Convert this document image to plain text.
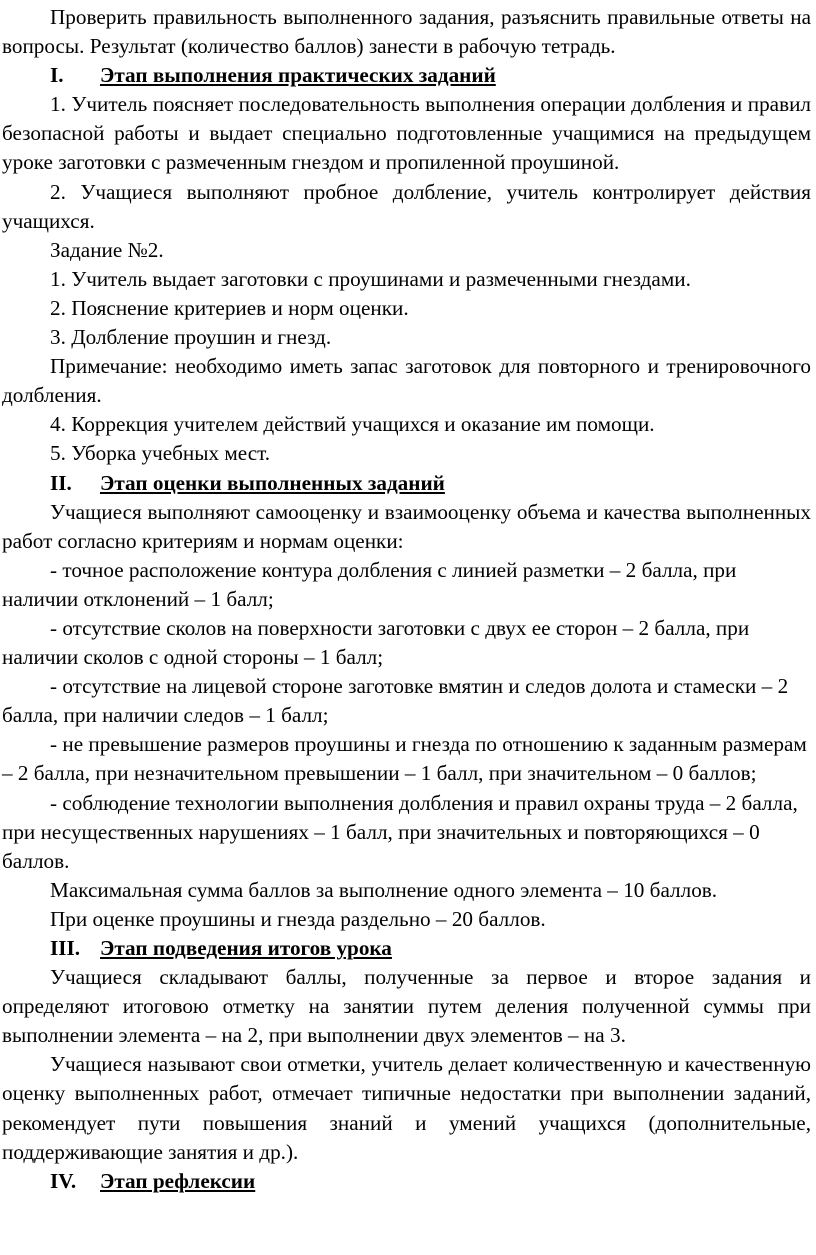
Проверить правильность выполненного задания, разъяснить правильные ответы на вопросы. Результат (количество баллов) занести в рабочую тетрадь.

I.	Этап выполнения практических заданий

1. Учитель поясняет последовательность выполнения операции долбления и правил безопасной работы и выдает специально подготовленные учащимися на предыдущем уроке заготовки с размеченным гнездом и пропиленной проушиной.

2. Учащиеся выполняют пробное долбление, учитель контролирует действия учащихся.

Задание №2.

1. Учитель выдает заготовки с проушинами и размеченными гнездами.

2. Пояснение критериев и норм оценки.

3. Долбление проушин и гнезд.

Примечание: необходимо иметь запас заготовок для повторного и тренировочного долбления.

4. Коррекция учителем действий учащихся и оказание им помощи.

5. Уборка учебных мест.

II.	Этап оценки выполненных заданий

Учащиеся выполняют самооценку и взаимооценку объема и качества выполненных работ согласно критериям и нормам оценки:

- точное расположение контура долбления с линией разметки – 2 балла, при наличии отклонений – 1 балл;

- отсутствие сколов на поверхности заготовки с двух ее сторон – 2 балла, при наличии сколов с одной стороны – 1 балл;

- отсутствие на лицевой стороне заготовке вмятин и следов долота и стамески – 2 балла, при наличии следов – 1 балл;

- не превышение размеров проушины и гнезда по отношению к заданным размерам – 2 балла, при незначительном превышении – 1 балл, при значительном – 0 баллов;

- соблюдение технологии выполнения долбления и правил охраны труда – 2 балла, при несущественных нарушениях – 1 балл, при значительных и повторяющихся – 0 баллов.

Максимальная сумма баллов за выполнение одного элемента – 10 баллов.

При оценке проушины и гнезда раздельно – 20 баллов.

III. Этап подведения итогов урока

Учащиеся складывают баллы, полученные за первое и второе задания и определяют итоговою отметку на занятии путем деления полученной суммы при выполнении элемента – на 2, при выполнении двух элементов – на 3.

Учащиеся называют свои отметки, учитель делает количественную и качественную оценку выполненных работ, отмечает типичные недостатки при выполнении заданий, рекомендует пути повышения знаний и умений учащихся (дополнительные, поддерживающие занятия и др.).

IV.	Этап рефлексии
